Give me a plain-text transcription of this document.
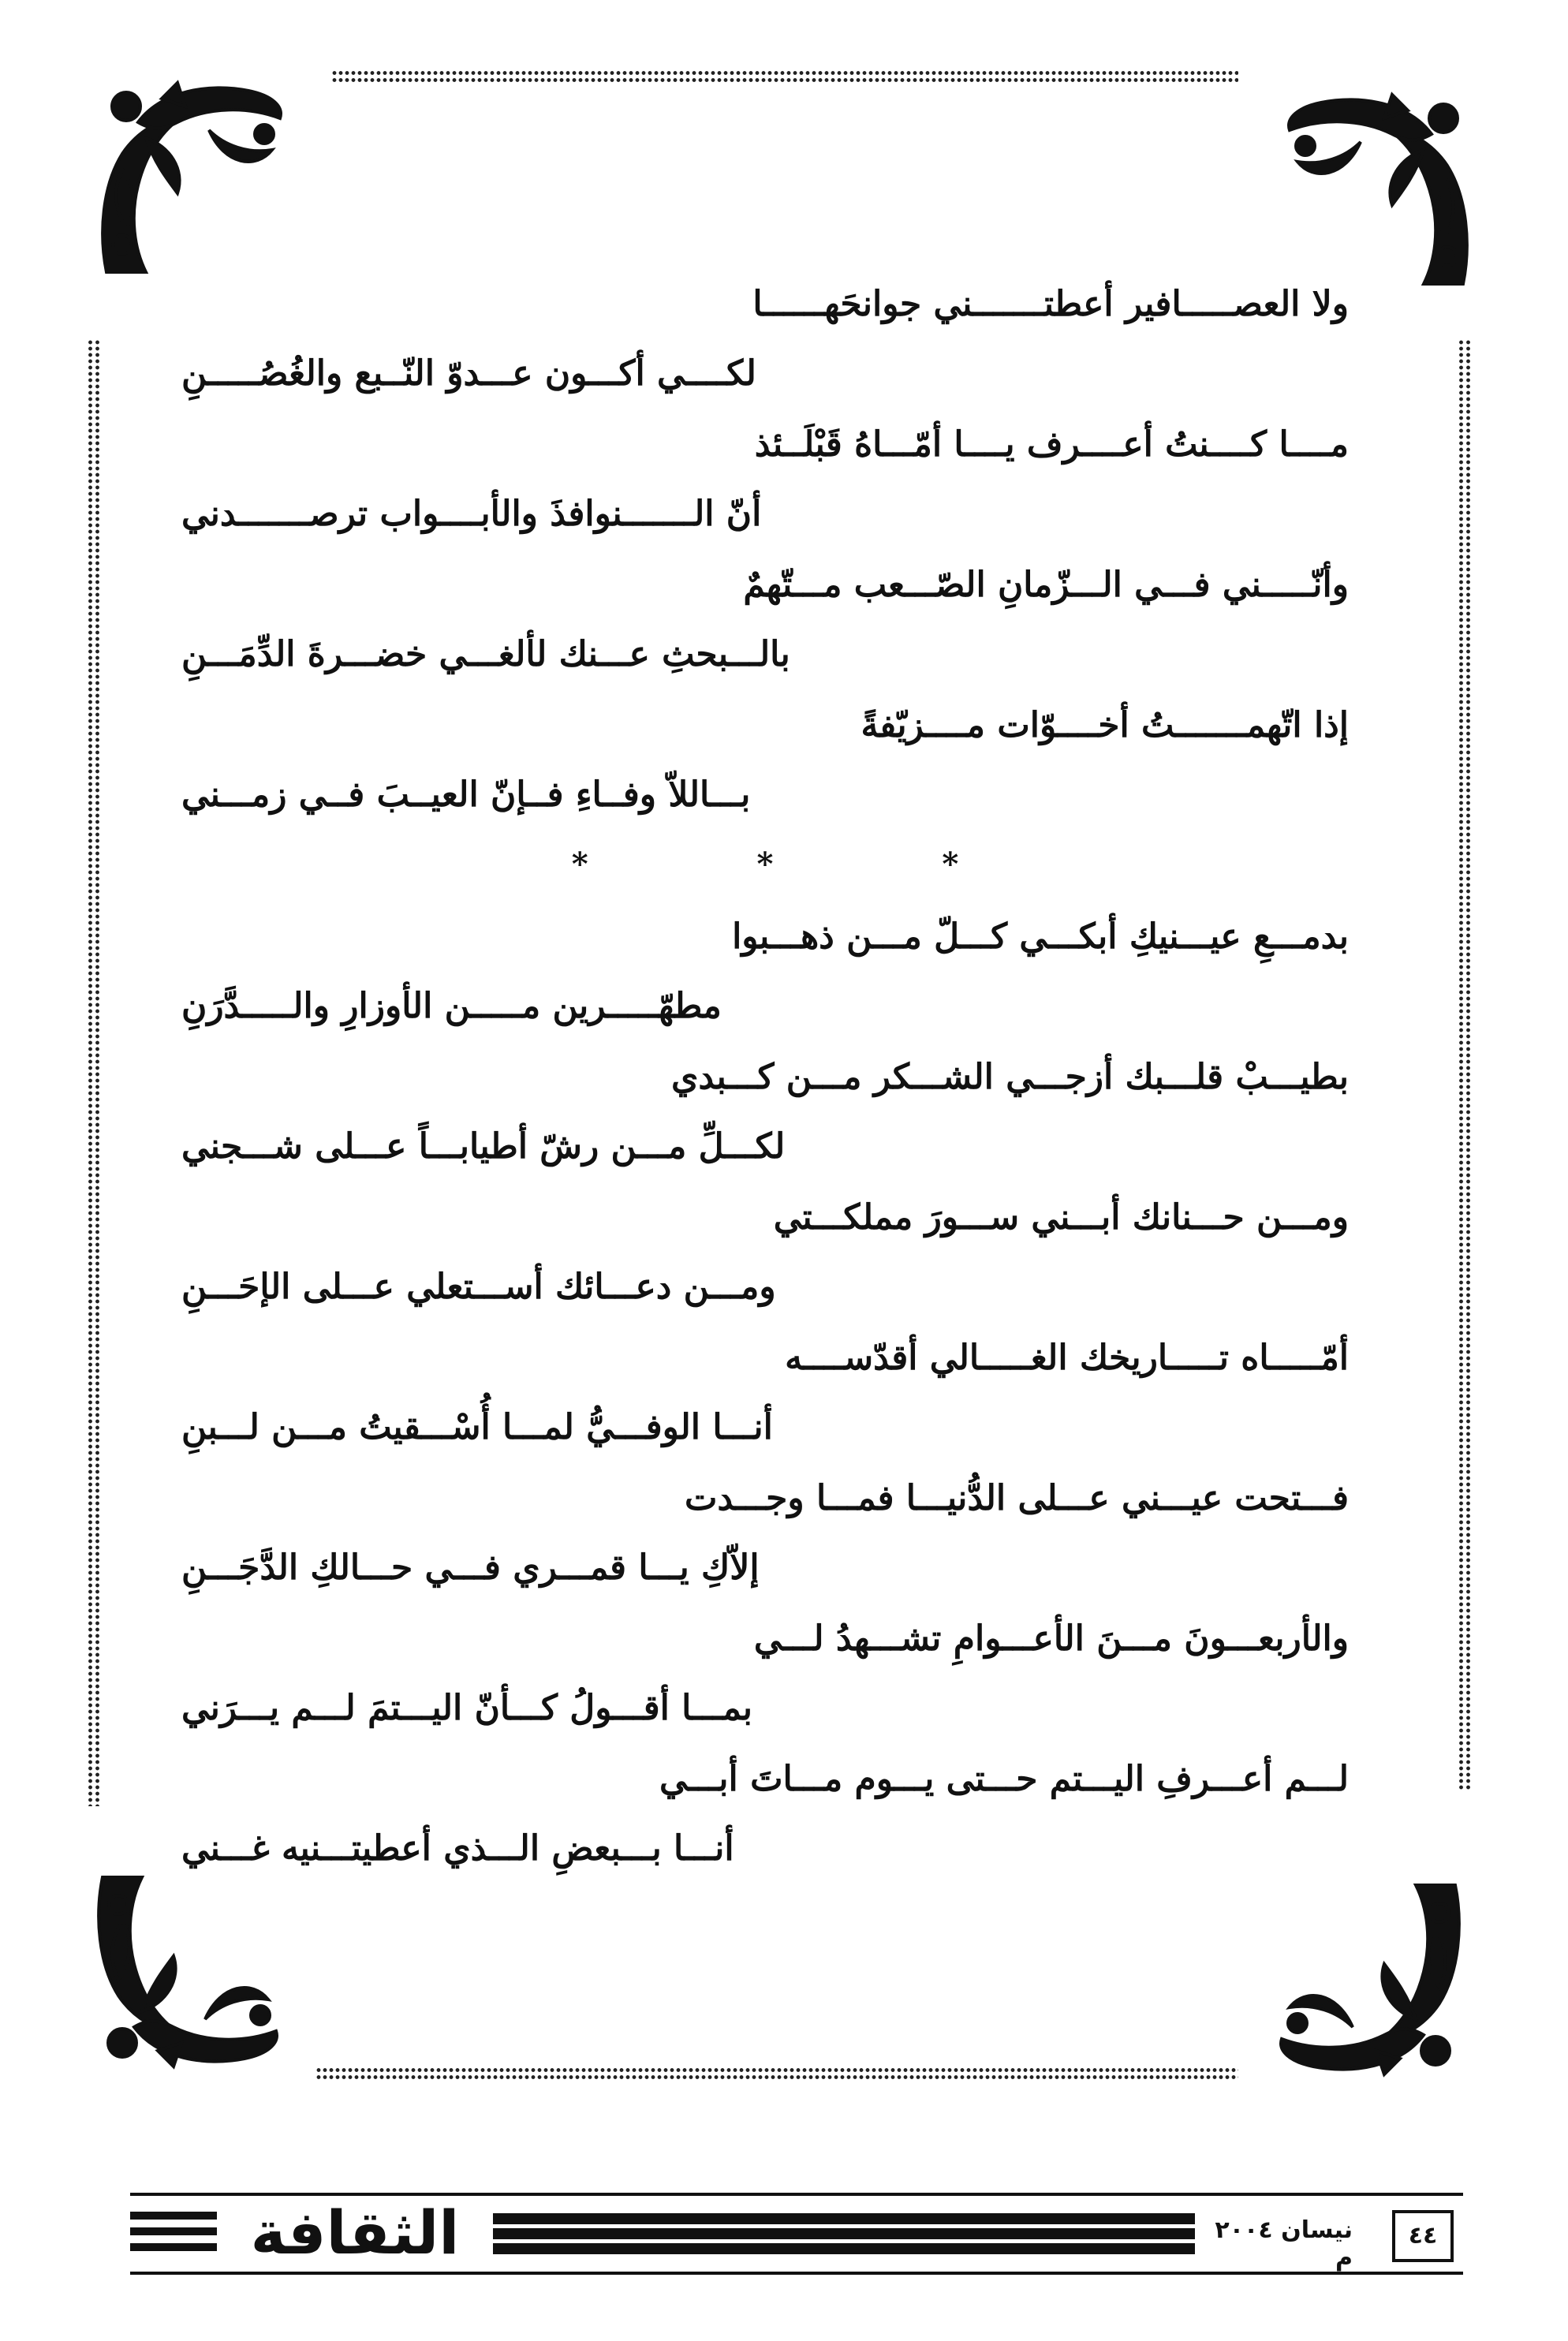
ولا العصـــــافير أعطتـــــــني جوانحَهــــــا
لكــــي أكـــون عـــدوّ النّــبع والغُصُـــــنِ
مــــا كــــنتُ أعــــرف يــــا أمّـــاهُ قَبْلَــئذ
أنّ الـــــــنوافذَ والأبــــواب ترصـــــــدني
وأنّـــــني فـــي الـــزّمانِ الصّـــعب مـــتّهمٌ
بالـــبحثِ عـــنك لألغـــي خضـــرةَ الدِّمَـــنِ
إذا اتّهمـــــــتُ أخــــوّات مــــزيّفةً
بـــاللاّ وفــاءِ فــإنّ العيــبَ فــي زمـــني
* * *
بدمـــعِ عيـــنيكِ أبكـــي كـــلّ مـــن ذهـــبوا
مطهّـــــرين مـــــن الأوزارِ والـــــدَّرَنِ
بطيـــبْ قلـــبك أزجـــي الشـــكر مـــن كـــبدي
لكـــلِّ مـــن رشّ أطيابـــاً عـــلى شـــجني
ومـــن حـــنانك أبـــني ســـورَ مملكـــتي
ومـــن دعـــائك أســـتعلي عـــلى الإحَـــنِ
أمّـــــاه تـــــاريخك الغـــــالي أقدّســــه
أنـــا الوفـــيُّ لمـــا أُسْـــقيتُ مـــن لـــبنِ
فـــتحت عيـــني عـــلى الدُّنيـــا فمـــا وجـــدت
إلاّكِ يـــا قمـــري فـــي حـــالكِ الدَّجَـــنِ
والأربعـــونَ مـــنَ الأعـــوامِ تشـــهدُ لـــي
بمـــا أقـــولُ كـــأنّ اليـــتمَ لـــم يـــرَني
لـــم أعـــرفِ اليـــتم حـــتى يـــوم مـــاتَ أبـــي
أنـــا بـــبعضِ الـــذي أعطيتـــنيه غـــني
الثقافة	نيسان ٢٠٠٤ م
٤٤
